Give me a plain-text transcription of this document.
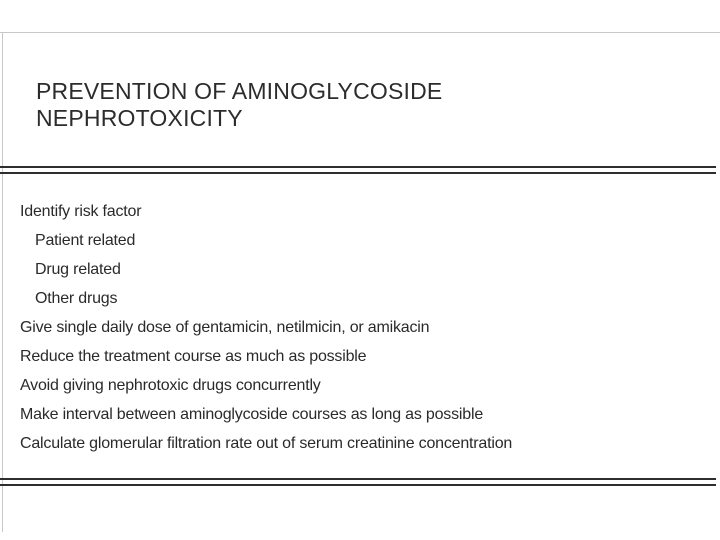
PREVENTION OF AMINOGLYCOSIDE
NEPHROTOXICITY
Identify risk factor
Patient related
Drug related
Other drugs
Give single daily dose of gentamicin, netilmicin, or amikacin
Reduce the treatment course as much as possible
Avoid giving nephrotoxic drugs concurrently
Make interval between aminoglycoside courses as long as possible
Calculate glomerular filtration rate out of serum creatinine concentration
